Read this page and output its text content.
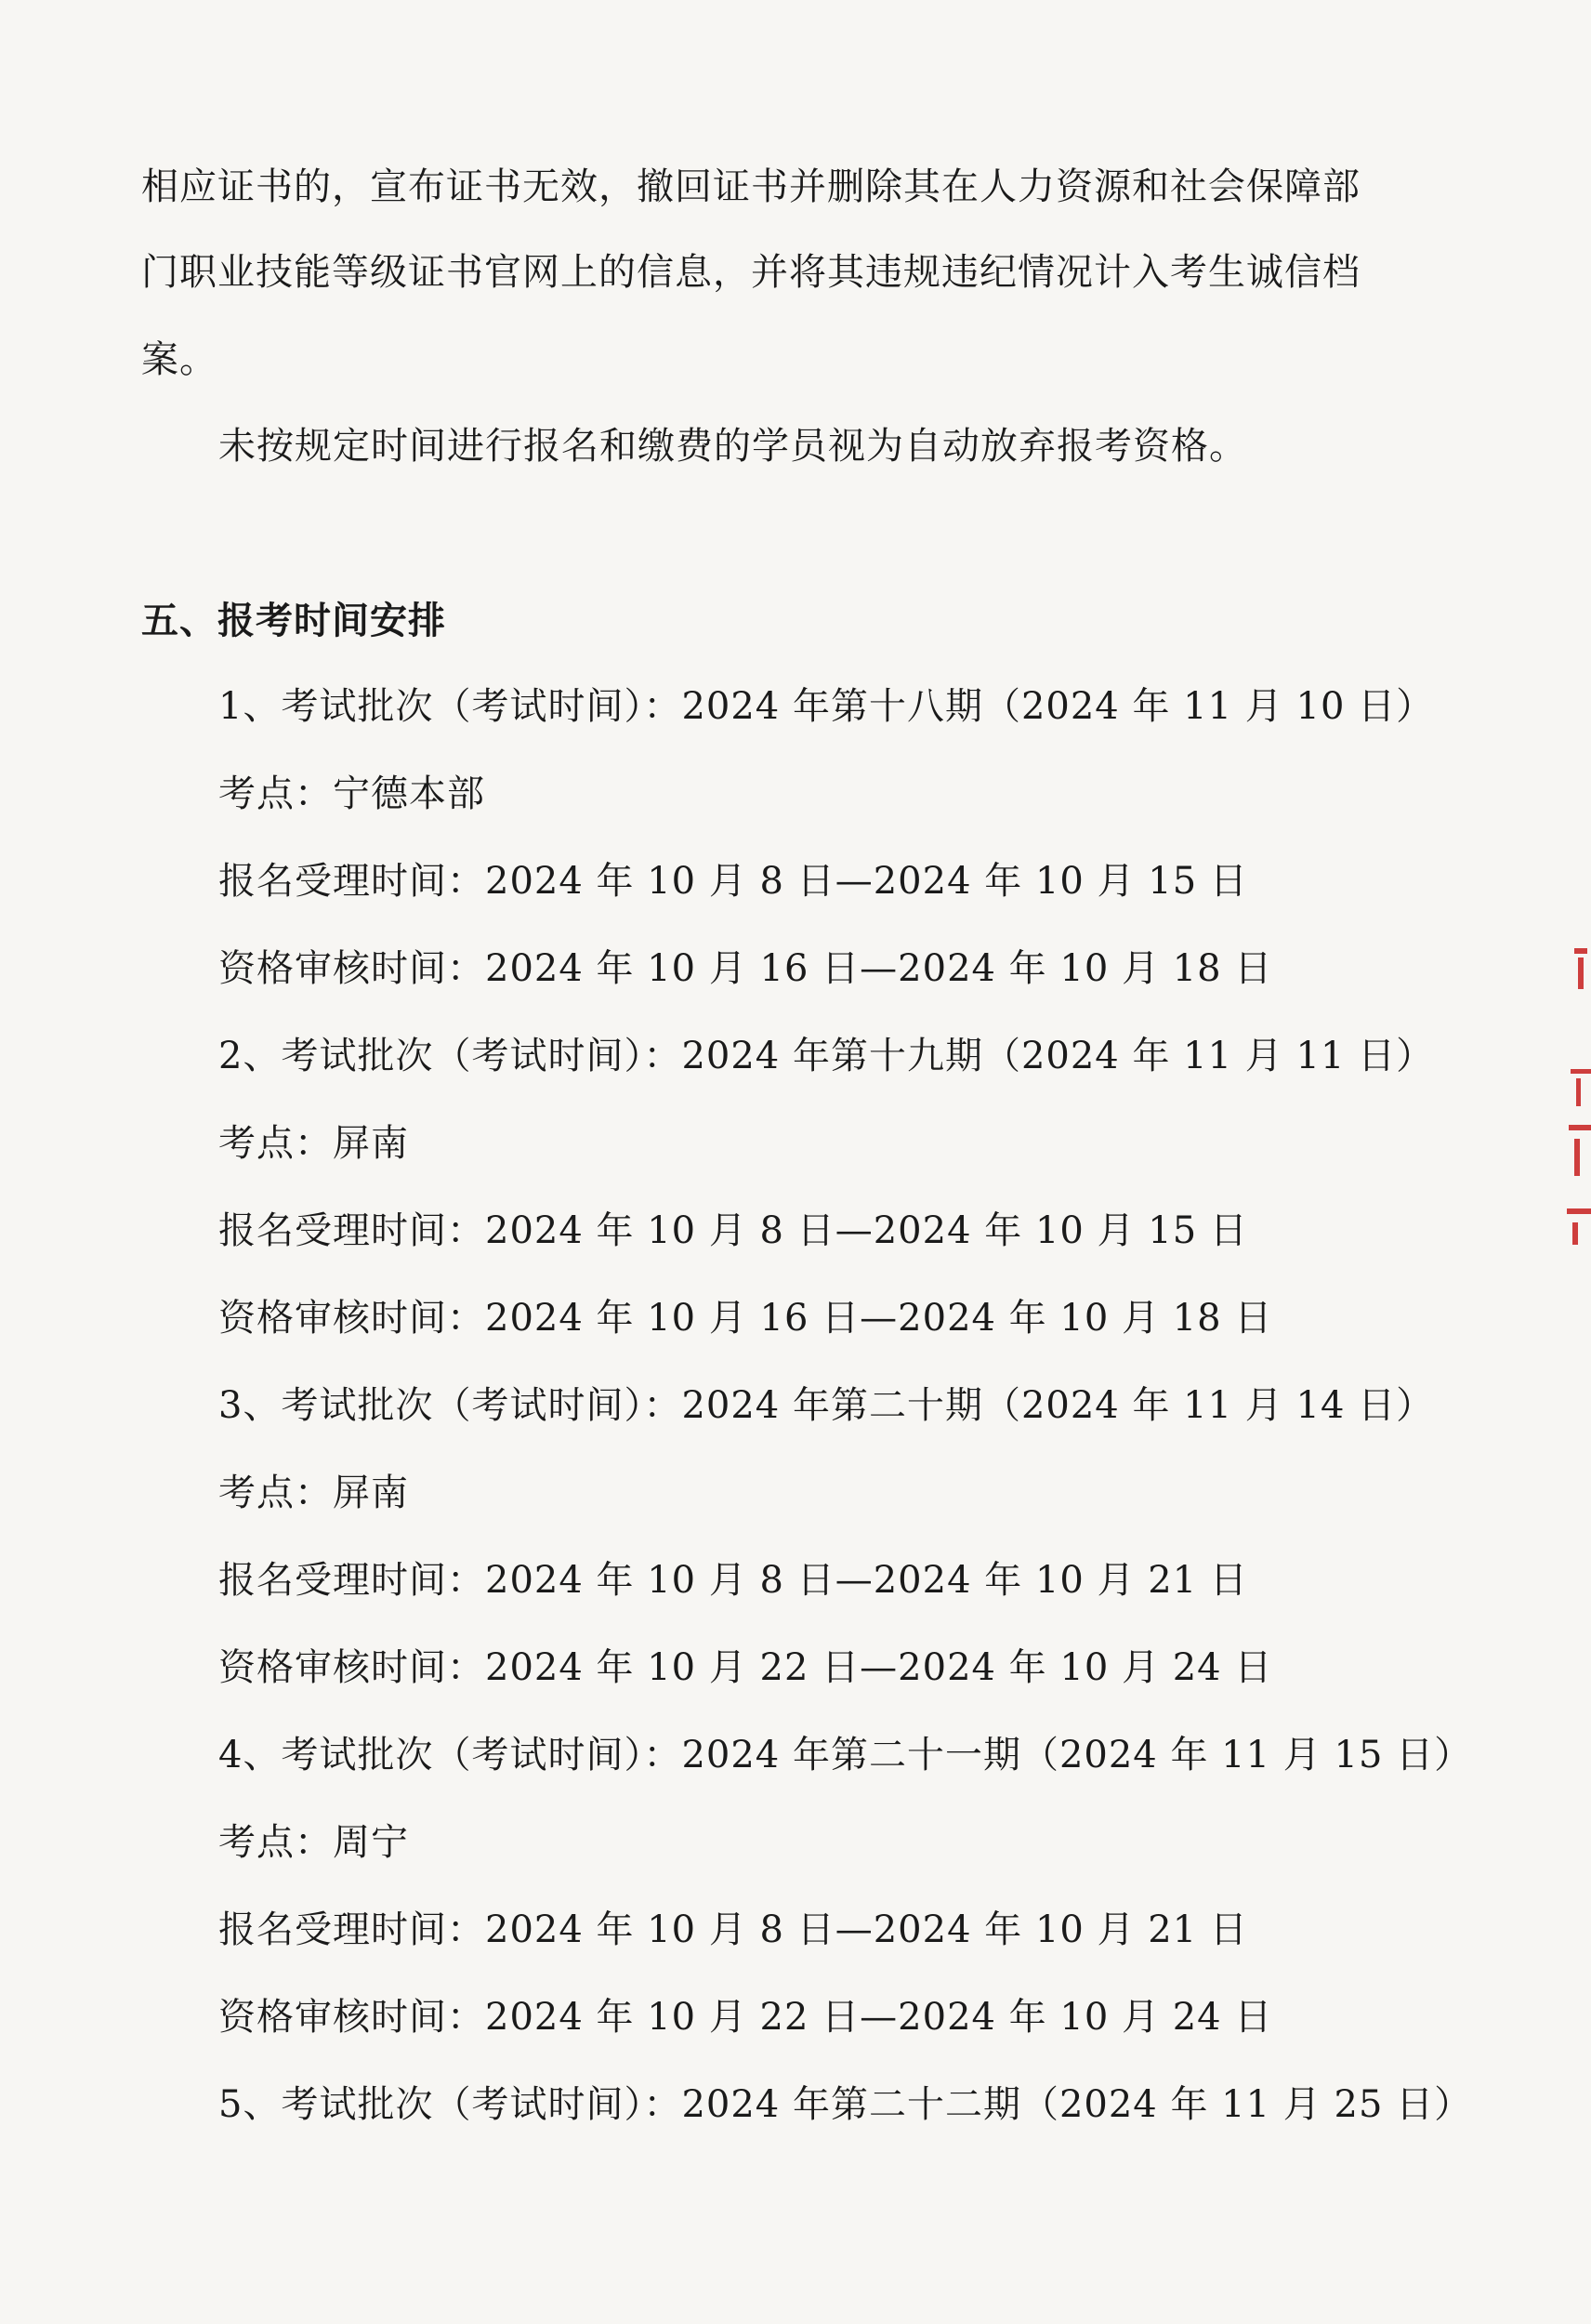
相应证书的，宣布证书无效，撤回证书并删除其在人力资源和社会保障部
门职业技能等级证书官网上的信息，并将其违规违纪情况计入考生诚信档
案。
未按规定时间进行报名和缴费的学员视为自动放弃报考资格。
五、报考时间安排
1、考试批次（考试时间）：2024 年第十八期（2024 年 11 月 10 日）
考点：宁德本部
报名受理时间：2024 年 10 月 8 日—2024 年 10 月 15 日
资格审核时间：2024 年 10 月 16 日—2024 年 10 月 18 日
2、考试批次（考试时间）：2024 年第十九期（2024 年 11 月 11 日）
考点：屏南
报名受理时间：2024 年 10 月 8 日—2024 年 10 月 15 日
资格审核时间：2024 年 10 月 16 日—2024 年 10 月 18 日
3、考试批次（考试时间）：2024 年第二十期（2024 年 11 月 14 日）
考点：屏南
报名受理时间：2024 年 10 月 8 日—2024 年 10 月 21 日
资格审核时间：2024 年 10 月 22 日—2024 年 10 月 24 日
4、考试批次（考试时间）：2024 年第二十一期（2024 年 11 月 15 日）
考点：周宁
报名受理时间：2024 年 10 月 8 日—2024 年 10 月 21 日
资格审核时间：2024 年 10 月 22 日—2024 年 10 月 24 日
5、考试批次（考试时间）：2024 年第二十二期（2024 年 11 月 25 日）
